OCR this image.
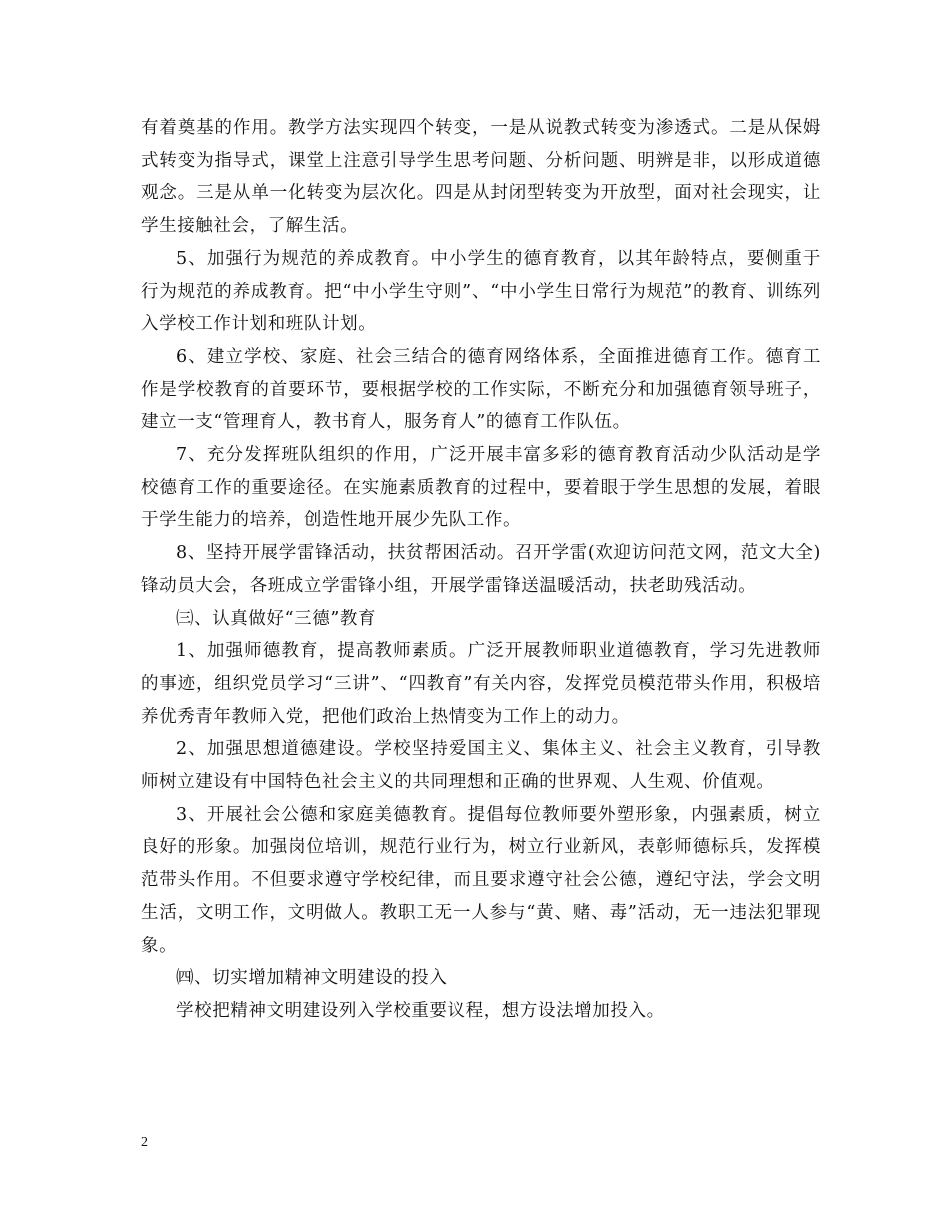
有着奠基的作用。教学方法实现四个转变，一是从说教式转变为渗透式。二是从保姆式转变为指导式，课堂上注意引导学生思考问题、分析问题、明辨是非，以形成道德观念。三是从单一化转变为层次化。四是从封闭型转变为开放型，面对社会现实，让学生接触社会，了解生活。

5、加强行为规范的养成教育。中小学生的德育教育，以其年龄特点，要侧重于行为规范的养成教育。把“中小学生守则”、“中小学生日常行为规范”的教育、训练列入学校工作计划和班队计划。

6、建立学校、家庭、社会三结合的德育网络体系，全面推进德育工作。德育工作是学校教育的首要环节，要根据学校的工作实际，不断充分和加强德育领导班子，建立一支“管理育人，教书育人，服务育人”的德育工作队伍。

7、充分发挥班队组织的作用，广泛开展丰富多彩的德育教育活动少队活动是学校德育工作的重要途径。在实施素质教育的过程中，要着眼于学生思想的发展，着眼于学生能力的培养，创造性地开展少先队工作。

8、坚持开展学雷锋活动，扶贫帮困活动。召开学雷(欢迎访问范文网，范文大全)锋动员大会，各班成立学雷锋小组，开展学雷锋送温暖活动，扶老助残活动。

㈢、认真做好“三德”教育

1、加强师德教育，提高教师素质。广泛开展教师职业道德教育，学习先进教师的事迹，组织党员学习“三讲”、“四教育”有关内容，发挥党员模范带头作用，积极培养优秀青年教师入党，把他们政治上热情变为工作上的动力。

2、加强思想道德建设。学校坚持爱国主义、集体主义、社会主义教育，引导教师树立建设有中国特色社会主义的共同理想和正确的世界观、人生观、价值观。

3、开展社会公德和家庭美德教育。提倡每位教师要外塑形象，内强素质，树立良好的形象。加强岗位培训，规范行业行为，树立行业新风，表彰师德标兵，发挥模范带头作用。不但要求遵守学校纪律，而且要求遵守社会公德，遵纪守法，学会文明生活，文明工作，文明做人。教职工无一人参与“黄、赌、毒”活动，无一违法犯罪现象。

㈣、切实增加精神文明建设的投入

学校把精神文明建设列入学校重要议程，想方设法增加投入。

2
